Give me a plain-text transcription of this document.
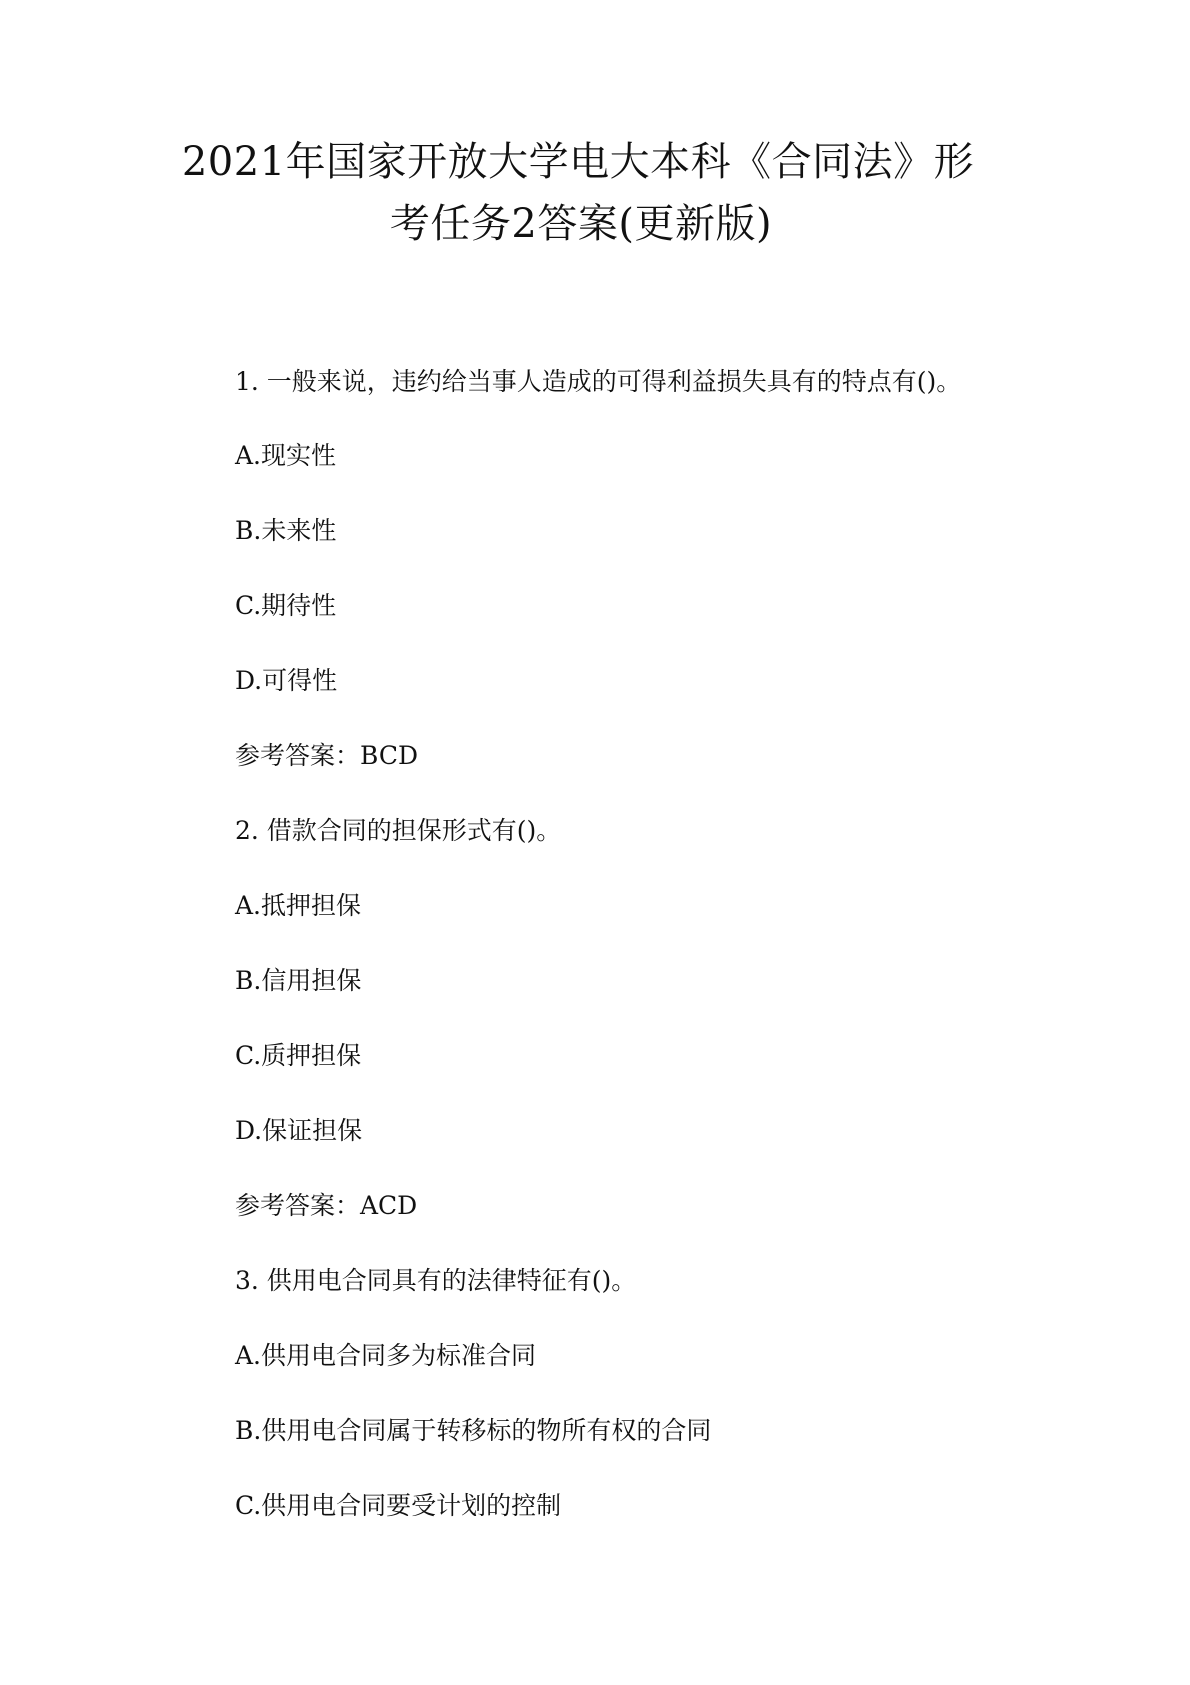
2021年国家开放大学电大本科《合同法》形
考任务2答案(更新版)
1. 一般来说，违约给当事人造成的可得利益损失具有的特点有()。
A.现实性
B.未来性
C.期待性
D.可得性
参考答案：BCD
2. 借款合同的担保形式有()。
A.抵押担保
B.信用担保
C.质押担保
D.保证担保
参考答案：ACD
3. 供用电合同具有的法律特征有()。
A.供用电合同多为标准合同
B.供用电合同属于转移标的物所有权的合同
C.供用电合同要受计划的控制
